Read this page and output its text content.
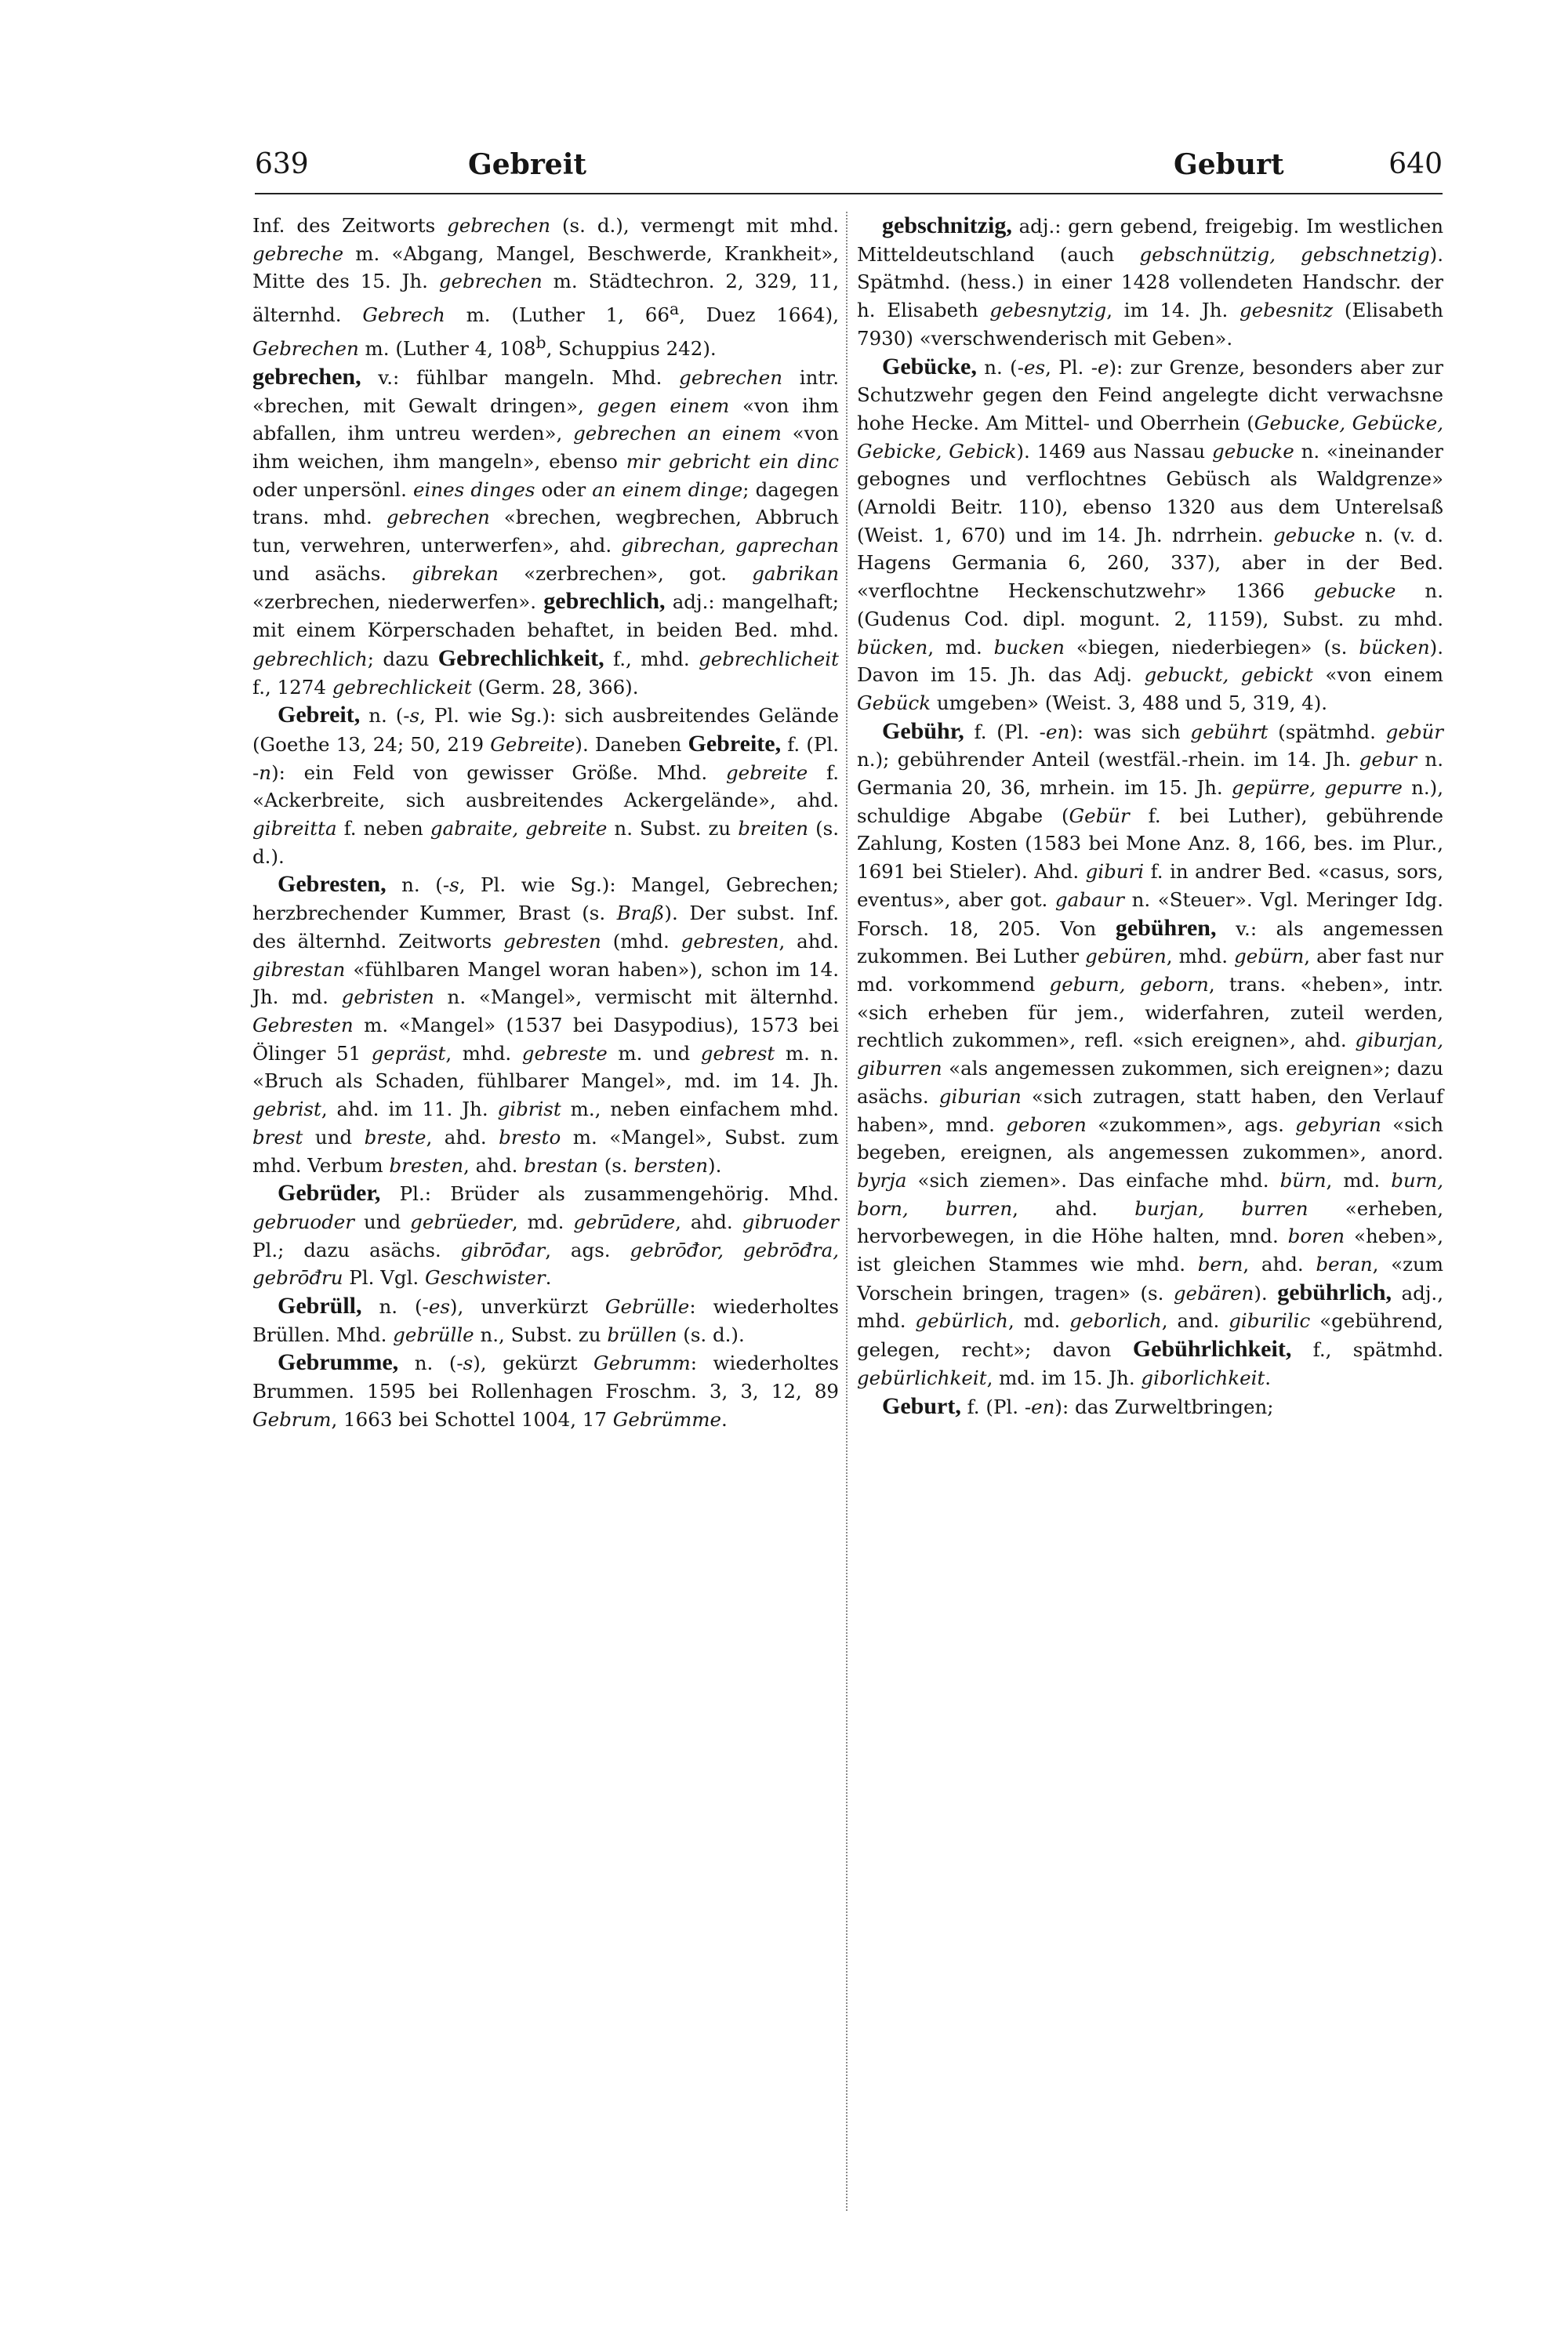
639	Gebreit	Geburt	640

Inf. des Zeitworts gebrechen (s. d.), vermengt mit mhd. gebreche m. «Abgang, Mangel, Beschwerde, Krankheit», Mitte des 15. Jh. gebrechen m. Städtechron. 2, 329, 11, älternhd. Gebrech m. (Luther 1, 66$^a$, Duez 1664), Gebrechen m. (Luther 4, 108$^b$, Schuppius 242).

gebrechen, v.: fühlbar mangeln. Mhd. gebrechen intr. «brechen, mit Gewalt dringen», gegen einem «von ihm abfallen, ihm untreu werden», gebrechen an einem «von ihm weichen, ihm mangeln», ebenso mir gebricht ein dinc oder unpersönl. eines dinges oder an einem dinge; dagegen trans. mhd. gebrechen «brechen, wegbrechen, Abbruch tun, verwehren, unterwerfen», ahd. gibrechan, gaprechan und asächs. gibrekan «zerbrechen», got. gabrikan «zerbrechen, niederwerfen». gebrechlich, adj.: mangelhaft; mit einem Körperschaden behaftet, in beiden Bed. mhd. gebrechlich; dazu Gebrechlichkeit, f., mhd. gebrechlicheit f., 1274 gebrechlickeit (Germ. 28, 366).

Gebreit, n. (-s, Pl. wie Sg.): sich ausbreitendes Gelände (Goethe 13, 24; 50, 219 Gebreite). Daneben Gebreite, f. (Pl. -n): ein Feld von gewisser Größe. Mhd. gebreite f. «Ackerbreite, sich ausbreitendes Ackergelände», ahd. gibreitta f. neben gabraite, gebreite n. Subst. zu breiten (s. d.).

Gebresten, n. (-s, Pl. wie Sg.): Mangel, Gebrechen; herzbrechender Kummer, Brast (s. Braß). Der subst. Inf. des älternhd. Zeitworts gebresten (mhd. gebresten, ahd. gibrestan «fühlbaren Mangel woran haben»), schon im 14. Jh. md. gebristen n. «Mangel», vermischt mit älternhd. Gebresten m. «Mangel» (1537 bei Dasypodius), 1573 bei Ölinger 51 gepräst, mhd. gebreste m. und gebrest m. n. «Bruch als Schaden, fühlbarer Mangel», md. im 14. Jh. gebrist, ahd. im 11. Jh. gibrist m., neben einfachem mhd. brest und breste, ahd. bresto m. «Mangel», Subst. zum mhd. Verbum bresten, ahd. brestan (s. bersten).

Gebrüder, Pl.: Brüder als zusammengehörig. Mhd. gebruoder und gebrüeder, md. gebrūdere, ahd. gibruoder Pl.; dazu asächs. gibrōđar, ags. gebrōđor, gebrōđra, gebrōđru Pl. Vgl. Geschwister.

Gebrüll, n. (-es), unverkürzt Gebrülle: wiederholtes Brüllen. Mhd. gebrülle n., Subst. zu brüllen (s. d.).

Gebrumme, n. (-s), gekürzt Gebrumm: wiederholtes Brummen. 1595 bei Rollenhagen Froschm. 3, 3, 12, 89 Gebrum, 1663 bei Schottel 1004, 17 Gebrümme.

gebschnitzig, adj.: gern gebend, freigebig. Im westlichen Mitteldeutschland (auch gebschnützig, gebschnetzig). Spätmhd. (hess.) in einer 1428 vollendeten Handschr. der h. Elisabeth gebesnytzig, im 14. Jh. gebesnitz (Elisabeth 7930) «verschwenderisch mit Geben».

Gebücke, n. (-es, Pl. -e): zur Grenze, besonders aber zur Schutzwehr gegen den Feind angelegte dicht verwachsne hohe Hecke. Am Mittel- und Oberrhein (Gebucke, Gebücke, Gebicke, Gebick). 1469 aus Nassau gebucke n. «ineinander gebognes und verflochtnes Gebüsch als Waldgrenze» (Arnoldi Beitr. 110), ebenso 1320 aus dem Unterelsaß (Weist. 1, 670) und im 14. Jh. ndrrhein. gebucke n. (v. d. Hagens Germania 6, 260, 337), aber in der Bed. «verflochtne Heckenschutzwehr» 1366 gebucke n. (Gudenus Cod. dipl. mogunt. 2, 1159), Subst. zu mhd. bücken, md. bucken «biegen, niederbiegen» (s. bücken). Davon im 15. Jh. das Adj. gebuckt, gebickt «von einem Gebück umgeben» (Weist. 3, 488 und 5, 319, 4).

Gebühr, f. (Pl. -en): was sich gebührt (spätmhd. gebür n.); gebührender Anteil (westfäl.-rhein. im 14. Jh. gebur n. Germania 20, 36, mrhein. im 15. Jh. gepürre, gepurre n.), schuldige Abgabe (Gebür f. bei Luther), gebührende Zahlung, Kosten (1583 bei Mone Anz. 8, 166, bes. im Plur., 1691 bei Stieler). Ahd. giburi f. in andrer Bed. «casus, sors, eventus», aber got. gabaur n. «Steuer». Vgl. Meringer Idg. Forsch. 18, 205. Von gebühren, v.: als angemessen zukommen. Bei Luther gebüren, mhd. gebürn, aber fast nur md. vorkommend geburn, geborn, trans. «heben», intr. «sich erheben für jem., widerfahren, zuteil werden, rechtlich zukommen», refl. «sich ereignen», ahd. giburjan, giburren «als angemessen zukommen, sich ereignen»; dazu asächs. giburian «sich zutragen, statt haben, den Verlauf haben», mnd. geboren «zukommen», ags. gebyrian «sich begeben, ereignen, als angemessen zukommen», anord. byrja «sich ziemen». Das einfache mhd. bürn, md. burn, born, burren, ahd. burjan, burren «erheben, hervorbewegen, in die Höhe halten, mnd. boren «heben», ist gleichen Stammes wie mhd. bern, ahd. beran, «zum Vorschein bringen, tragen» (s. gebären). gebührlich, adj., mhd. gebürlich, md. geborlich, and. giburilic «gebührend, gelegen, recht»; davon Gebührlichkeit, f., spätmhd. gebürlichkeit, md. im 15. Jh. giborlichkeit.

Geburt, f. (Pl. -en): das Zurweltbringen;
